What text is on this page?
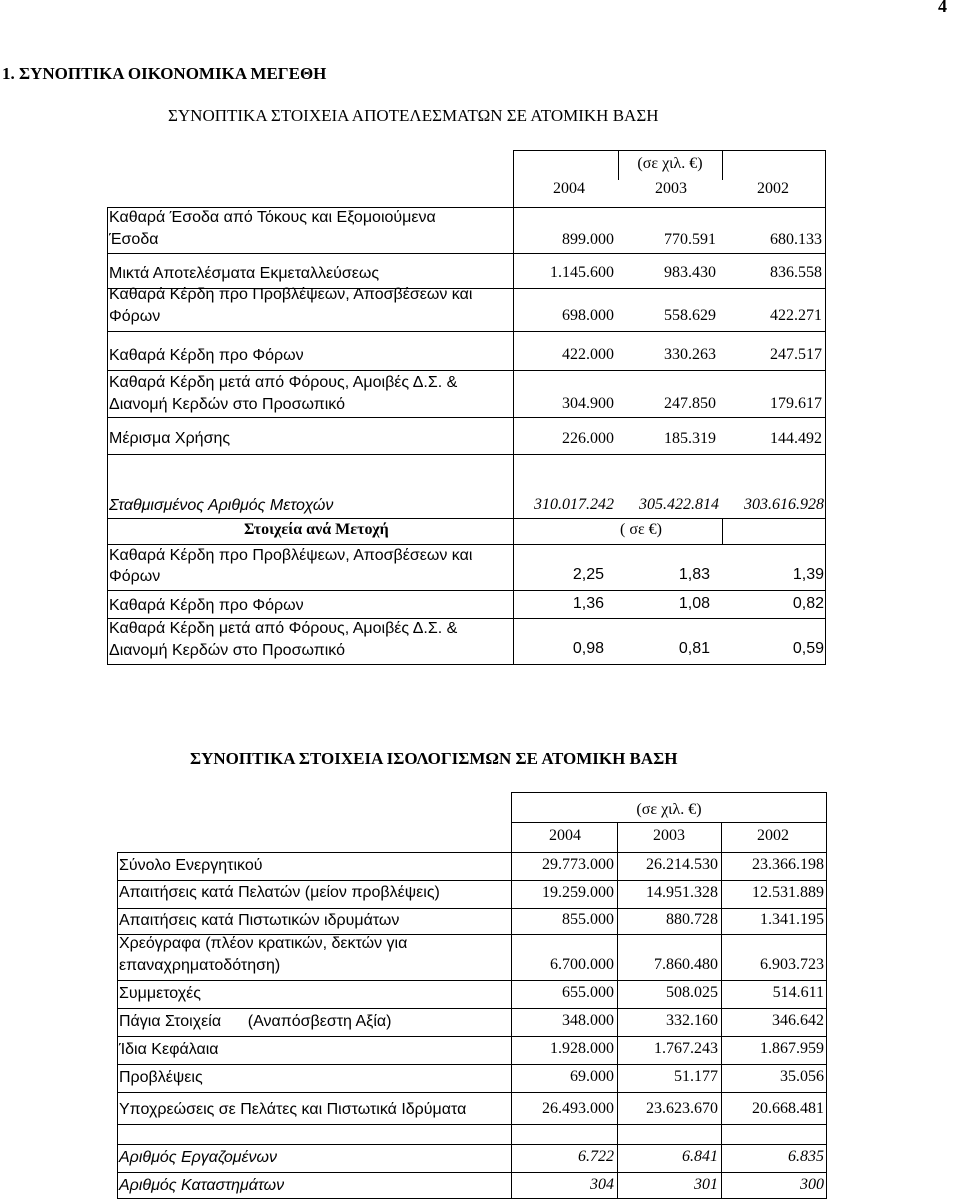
4
1. ΣΥΝΟΠΤΙΚΑ ΟΙΚΟΝΟΜΙΚΑ ΜΕΓΕΘΗ
ΣΥΝΟΠΤΙΚΑ ΣΤΟΙΧΕΙΑ ΑΠΟΤΕΛΕΣΜΑΤΩΝ ΣΕ ΑΤΟΜΙΚΗ ΒΑΣΗ
(σε χιλ. €)
2004	2003	2002
Καθαρά Έσοδα από Τόκους και Εξομοιούμενα
Έσοδα	899.000	770.591	680.133
Μικτά Αποτελέσματα Εκμεταλλεύσεως	1.145.600	983.430	836.558
Καθαρά Κέρδη προ Προβλέψεων, Αποσβέσεων και
Φόρων	698.000	558.629	422.271
Καθαρά Κέρδη προ Φόρων	422.000	330.263	247.517
Καθαρά Κέρδη μετά από Φόρους, Αμοιβές Δ.Σ. &
Διανομή Κερδών στο Προσωπικό	304.900	247.850	179.617
Μέρισμα Χρήσης	226.000	185.319	144.492
Σταθμισμένος Αριθμός Μετοχών	310.017.242	305.422.814	303.616.928
Στοιχεία ανά Μετοχή	( σε €)
Καθαρά Κέρδη προ Προβλέψεων, Αποσβέσεων και
Φόρων	2,25	1,83	1,39
Καθαρά Κέρδη προ Φόρων	1,36	1,08	0,82
Καθαρά Κέρδη μετά από Φόρους, Αμοιβές Δ.Σ. &
Διανομή Κερδών στο Προσωπικό	0,98	0,81	0,59
ΣΥΝΟΠΤΙΚΑ ΣΤΟΙΧΕΙΑ ΙΣΟΛΟΓΙΣΜΩΝ ΣΕ ΑΤΟΜΙΚΗ ΒΑΣΗ
(σε χιλ. €)
2004	2003	2002
Σύνολο Ενεργητικού	29.773.000	26.214.530	23.366.198
Απαιτήσεις κατά Πελατών (μείον προβλέψεις)	19.259.000	14.951.328	12.531.889
Απαιτήσεις κατά Πιστωτικών ιδρυμάτων	855.000	880.728	1.341.195
Χρεόγραφα (πλέον κρατικών, δεκτών για
επαναχρηματοδότηση)	6.700.000	7.860.480	6.903.723
Συμμετοχές	655.000	508.025	514.611
Πάγια Στοιχεία      (Αναπόσβεστη Αξία)	348.000	332.160	346.642
Ίδια Κεφάλαια	1.928.000	1.767.243	1.867.959
Προβλέψεις	69.000	51.177	35.056
Υποχρεώσεις σε Πελάτες και Πιστωτικά Ιδρύματα	26.493.000	23.623.670	20.668.481
Αριθμός Εργαζομένων	6.722	6.841	6.835
Αριθμός Καταστημάτων	304	301	300
